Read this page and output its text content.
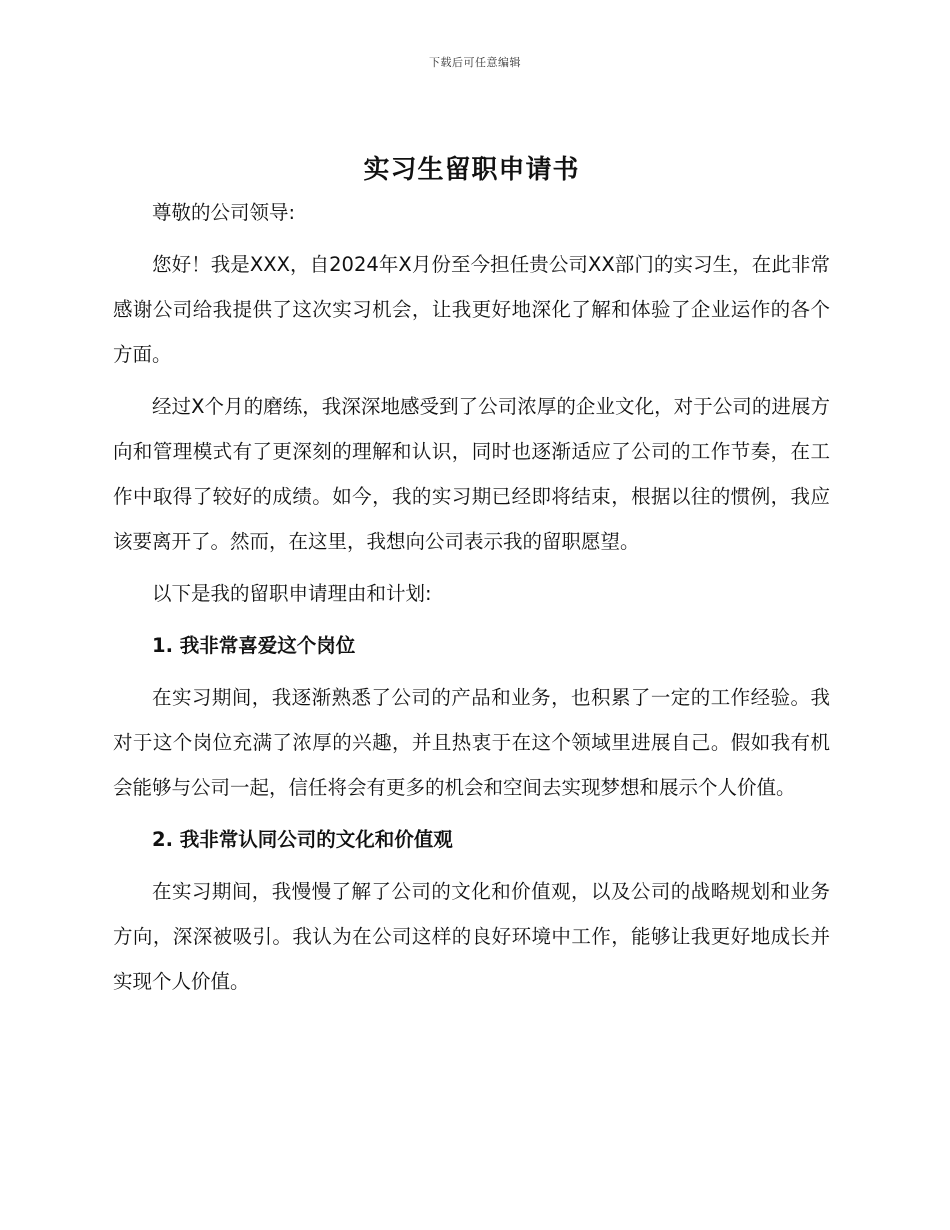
下载后可任意编辑
实习生留职申请书
尊敬的公司领导:
您好！我是XXX，自2024年X月份至今担任贵公司XX部门的实习生，在此非常感谢公司给我提供了这次实习机会，让我更好地深化了解和体验了企业运作的各个方面。
经过X个月的磨练，我深深地感受到了公司浓厚的企业文化，对于公司的进展方向和管理模式有了更深刻的理解和认识，同时也逐渐适应了公司的工作节奏，在工作中取得了较好的成绩。如今，我的实习期已经即将结束，根据以往的惯例，我应该要离开了。然而，在这里，我想向公司表示我的留职愿望。
以下是我的留职申请理由和计划:
1. 我非常喜爱这个岗位
在实习期间，我逐渐熟悉了公司的产品和业务，也积累了一定的工作经验。我对于这个岗位充满了浓厚的兴趣，并且热衷于在这个领域里进展自己。假如我有机会能够与公司一起，信任将会有更多的机会和空间去实现梦想和展示个人价值。
2. 我非常认同公司的文化和价值观
在实习期间，我慢慢了解了公司的文化和价值观，以及公司的战略规划和业务方向，深深被吸引。我认为在公司这样的良好环境中工作，能够让我更好地成长并实现个人价值。
